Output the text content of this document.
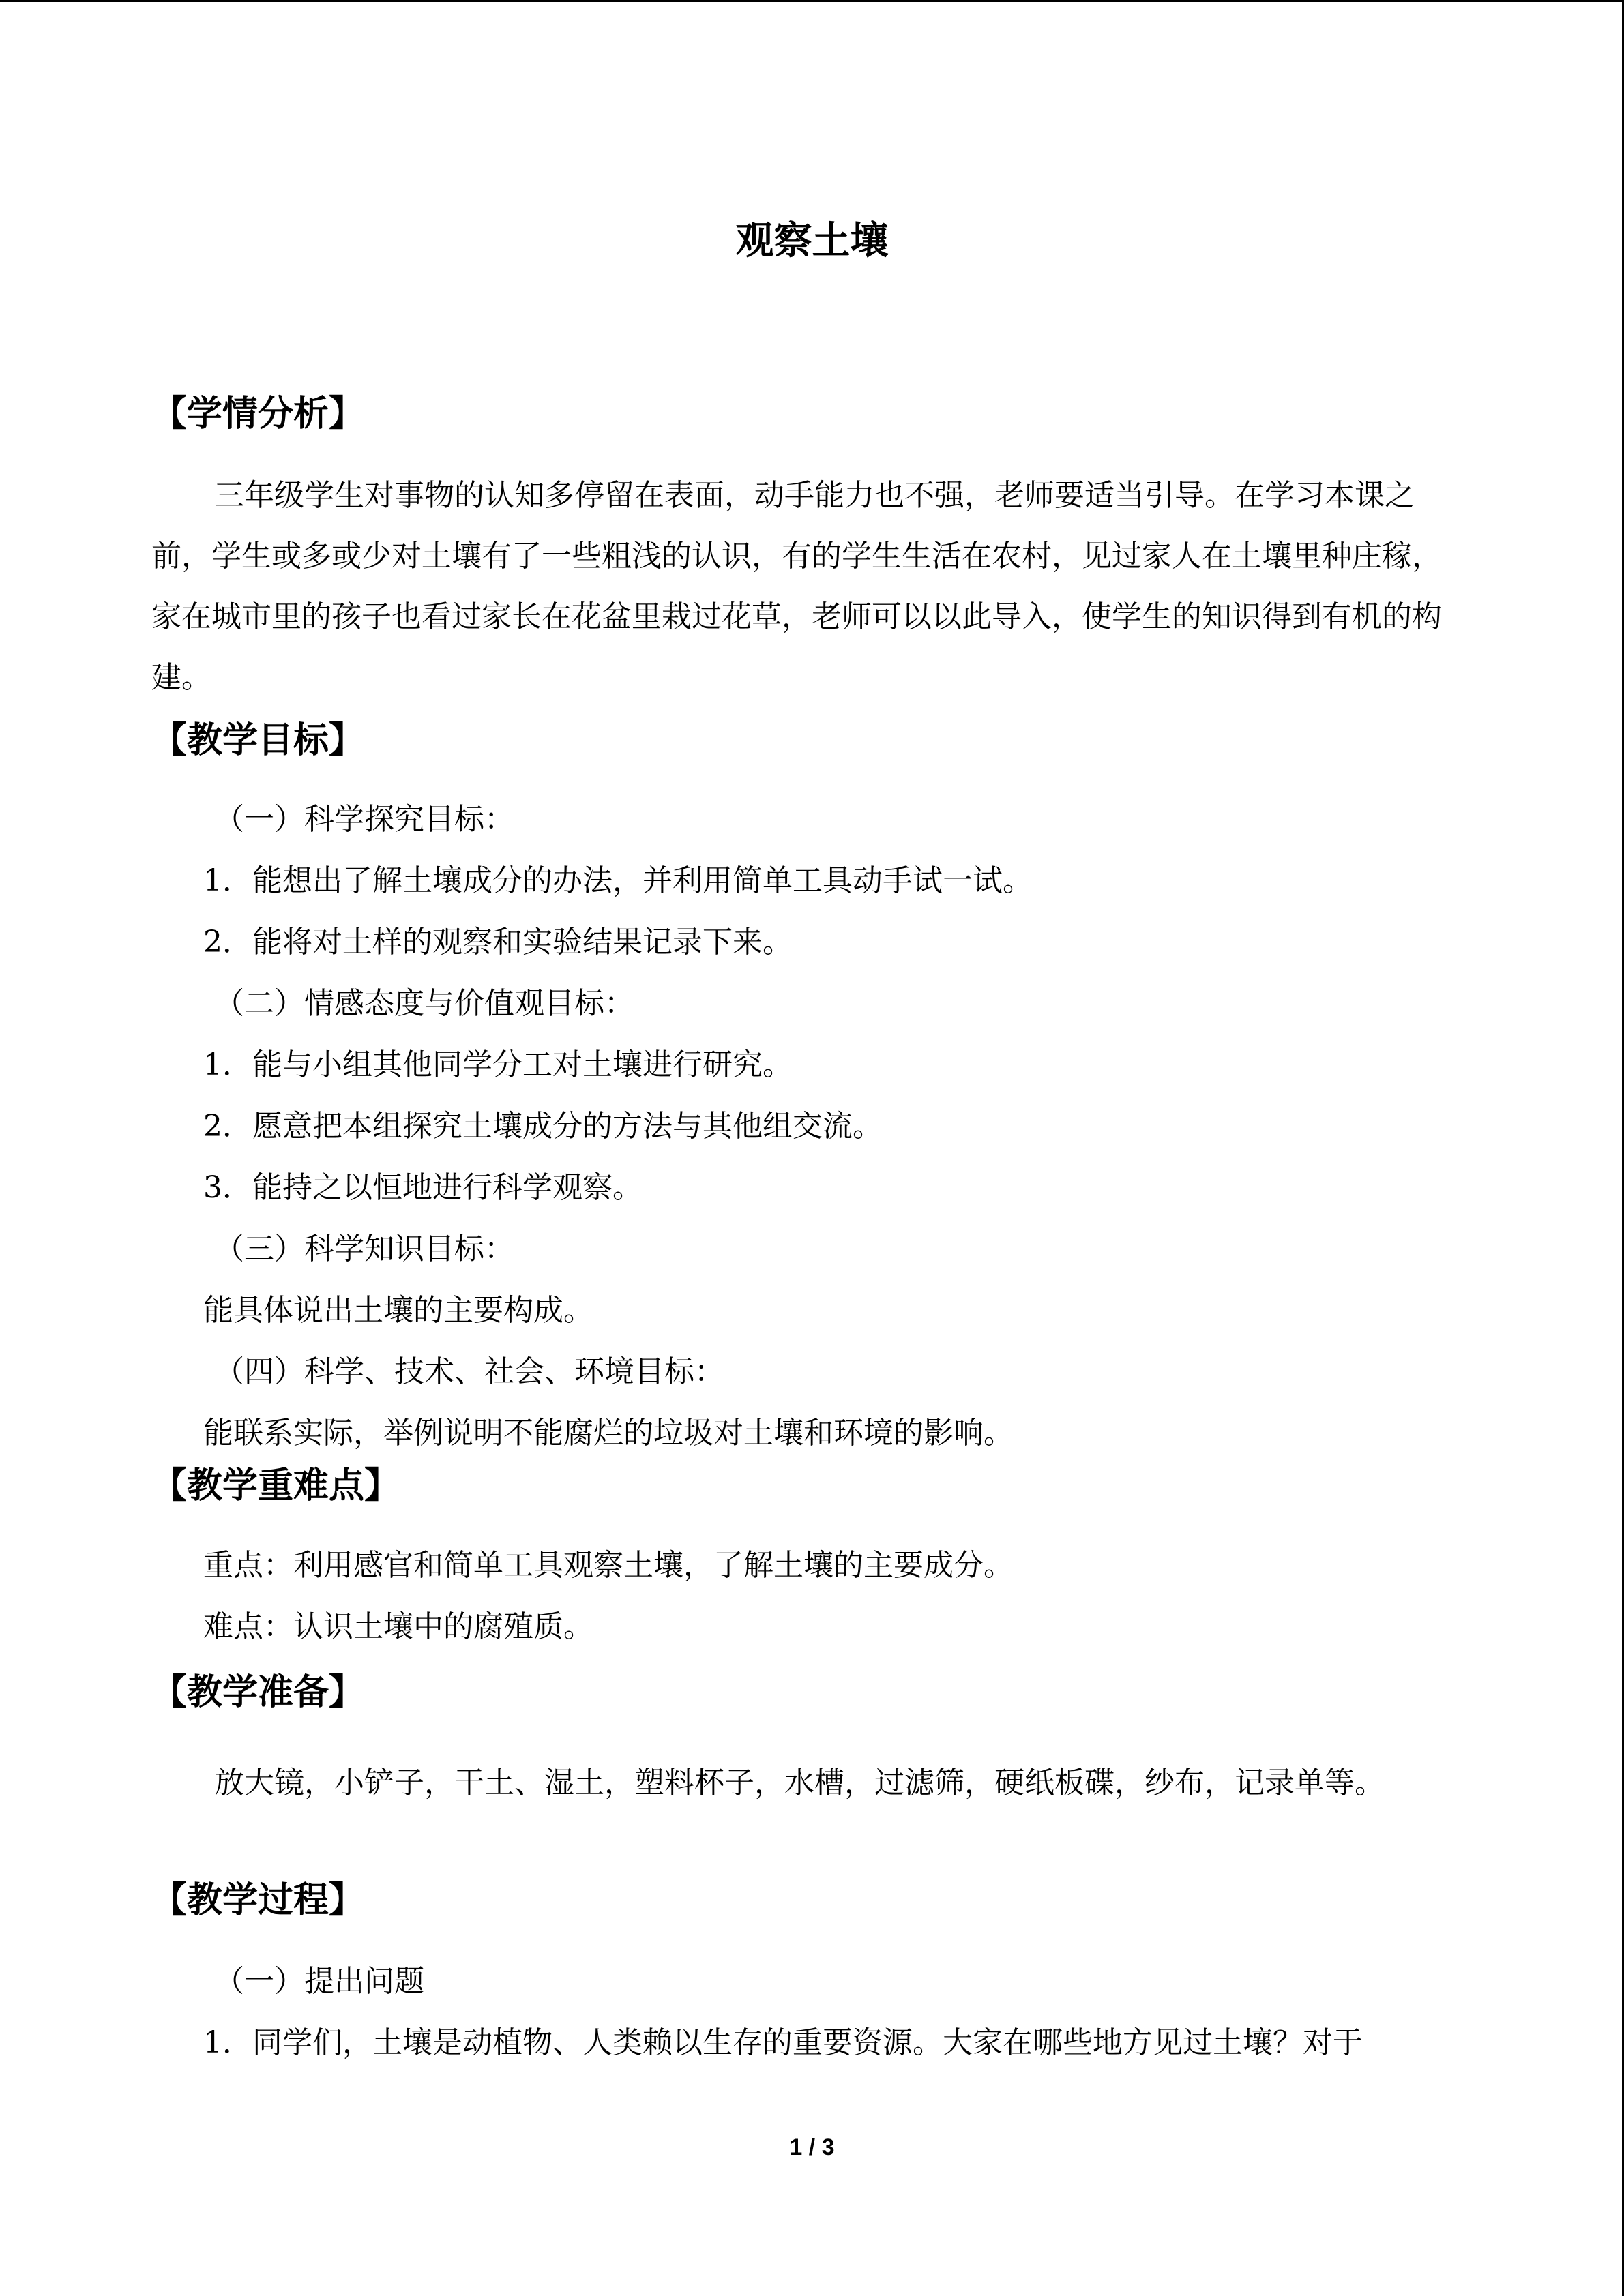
观察土壤
【学情分析】
三年级学生对事物的认知多停留在表面，动手能力也不强，老师要适当引导。在学习本课之前，学生或多或少对土壤有了一些粗浅的认识，有的学生生活在农村，见过家人在土壤里种庄稼，家在城市里的孩子也看过家长在花盆里栽过花草，老师可以以此导入，使学生的知识得到有机的构建。
【教学目标】
（一）科学探究目标：
1．能想出了解土壤成分的办法，并利用简单工具动手试一试。
2．能将对土样的观察和实验结果记录下来。
（二）情感态度与价值观目标：
1．能与小组其他同学分工对土壤进行研究。
2．愿意把本组探究土壤成分的方法与其他组交流。
3．能持之以恒地进行科学观察。
（三）科学知识目标：
能具体说出土壤的主要构成。
（四）科学、技术、社会、环境目标：
能联系实际，举例说明不能腐烂的垃圾对土壤和环境的影响。
【教学重难点】
重点：利用感官和简单工具观察土壤，了解土壤的主要成分。
难点：认识土壤中的腐殖质。
【教学准备】
放大镜，小铲子，干土、湿土，塑料杯子，水槽，过滤筛，硬纸板碟，纱布，记录单等。
【教学过程】
（一）提出问题
1．同学们，土壤是动植物、人类赖以生存的重要资源。大家在哪些地方见过土壤？对于
1 / 3
